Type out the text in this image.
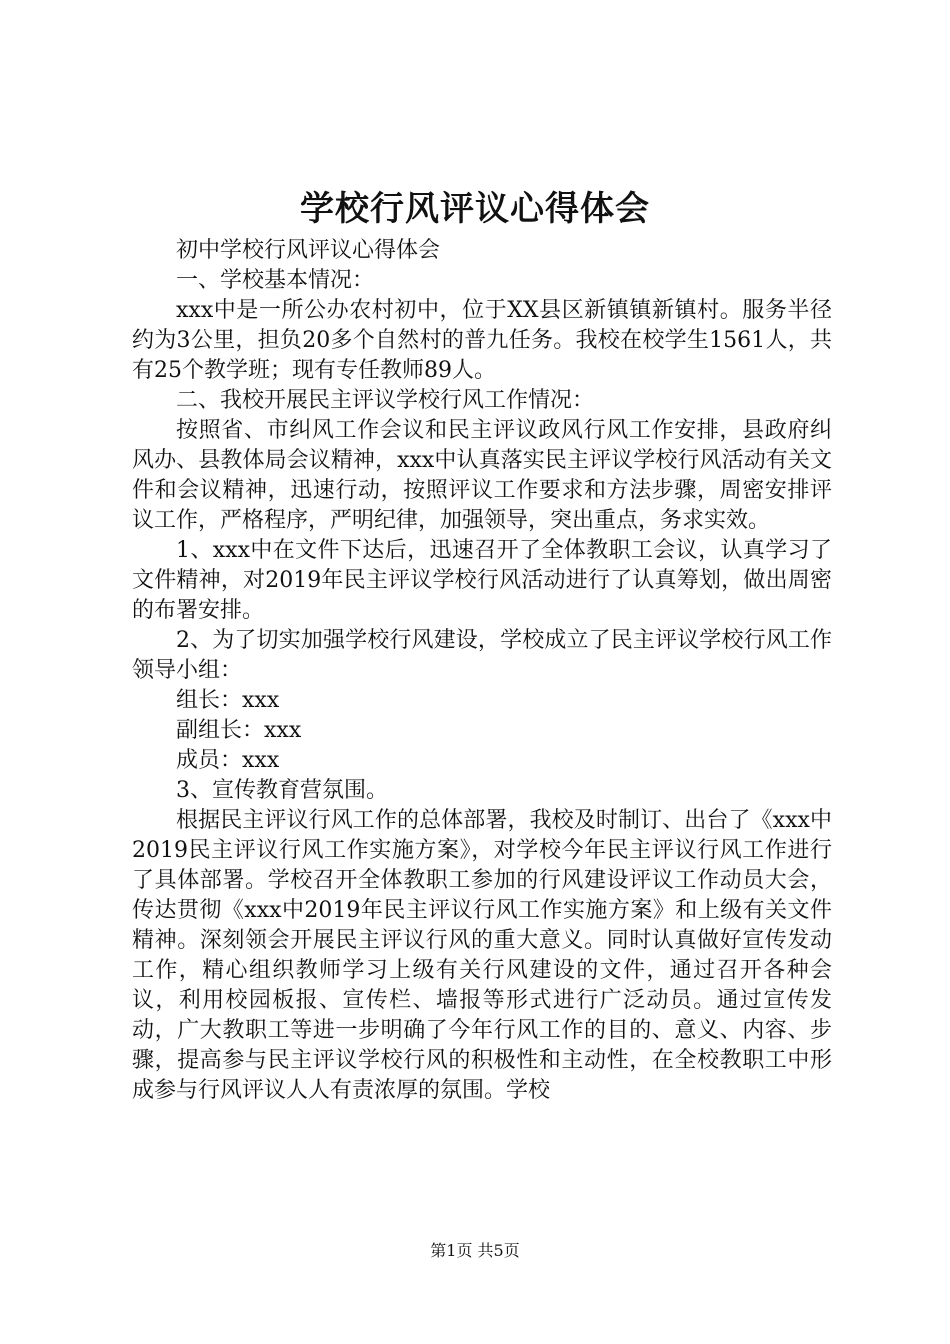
学校行风评议心得体会

初中学校行风评议心得体会

一、学校基本情况：

xxx中是一所公办农村初中，位于XX县区新镇镇新镇村。服务半径约为3公里，担负20多个自然村的普九任务。我校在校学生1561人，共有25个教学班；现有专任教师89人。

二、我校开展民主评议学校行风工作情况：

按照省、市纠风工作会议和民主评议政风行风工作安排，县政府纠风办、县教体局会议精神，xxx中认真落实民主评议学校行风活动有关文件和会议精神，迅速行动，按照评议工作要求和方法步骤，周密安排评议工作，严格程序，严明纪律，加强领导，突出重点，务求实效。

1、xxx中在文件下达后，迅速召开了全体教职工会议，认真学习了文件精神，对2019年民主评议学校行风活动进行了认真筹划，做出周密的布署安排。

2、为了切实加强学校行风建设，学校成立了民主评议学校行风工作领导小组：

组长：xxx

副组长：xxx

成员：xxx

3、宣传教育营氛围。

根据民主评议行风工作的总体部署，我校及时制订、出台了《xxx中2019民主评议行风工作实施方案》，对学校今年民主评议行风工作进行了具体部署。学校召开全体教职工参加的行风建设评议工作动员大会，传达贯彻《xxx中2019年民主评议行风工作实施方案》和上级有关文件精神。深刻领会开展民主评议行风的重大意义。同时认真做好宣传发动工作，精心组织教师学习上级有关行风建设的文件，通过召开各种会议，利用校园板报、宣传栏、墙报等形式进行广泛动员。通过宣传发动，广大教职工等进一步明确了今年行风工作的目的、意义、内容、步骤，提高参与民主评议学校行风的积极性和主动性，在全校教职工中形成参与行风评议人人有责浓厚的氛围。学校

第1页 共5页
